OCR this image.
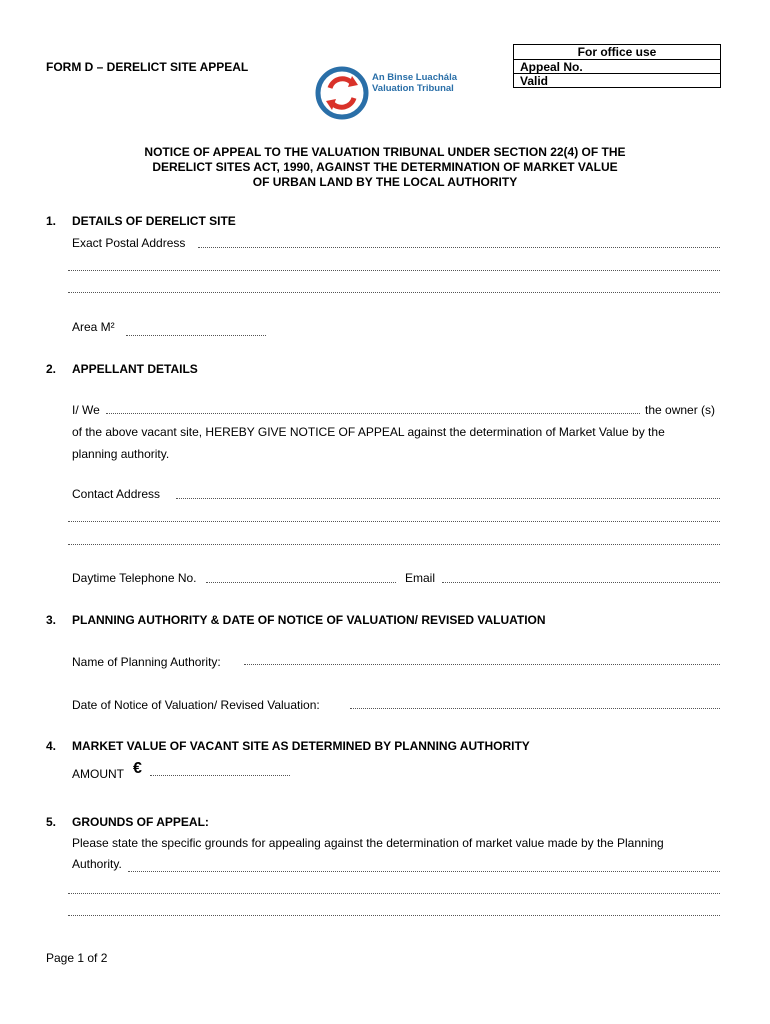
FORM D – DERELICT SITE APPEAL
An Binse Luachála
Valuation Tribunal
For office use
Appeal No.
Valid
NOTICE OF APPEAL TO THE VALUATION TRIBUNAL UNDER SECTION 22(4) OF THE
DERELICT SITES ACT, 1990, AGAINST THE DETERMINATION OF MARKET VALUE
OF URBAN LAND BY THE LOCAL AUTHORITY
1. DETAILS OF DERELICT SITE
Exact Postal Address
Area M²
2. APPELLANT DETAILS
I/ We	the owner (s)
of the above vacant site, HEREBY GIVE NOTICE OF APPEAL against the determination of Market Value by the
planning authority.
Contact Address
Daytime Telephone No.	Email
3. PLANNING AUTHORITY & DATE OF NOTICE OF VALUATION/ REVISED VALUATION
Name of Planning Authority:
Date of Notice of Valuation/ Revised Valuation:
4. MARKET VALUE OF VACANT SITE AS DETERMINED BY PLANNING AUTHORITY
AMOUNT €
5. GROUNDS OF APPEAL:
Please state the specific grounds for appealing against the determination of market value made by the Planning
Authority.
Page 1 of 2
